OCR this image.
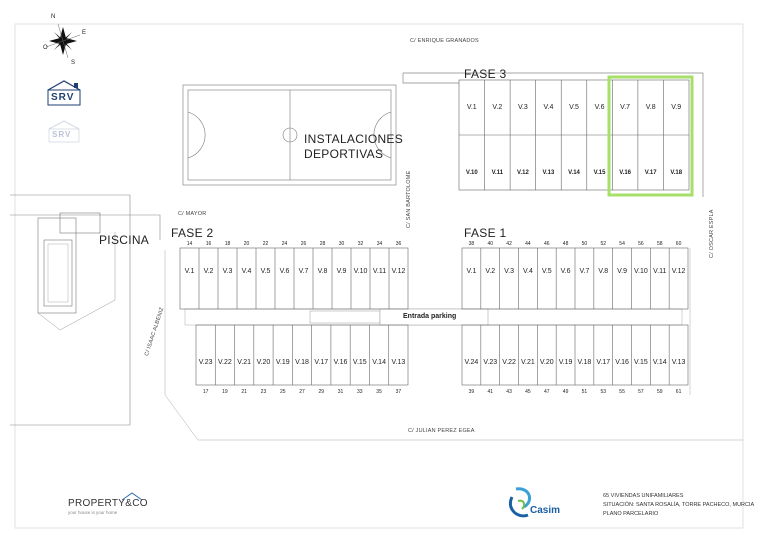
V.1 V.2 V.3 V.4 V.5 V.6 V.7 V.8 V.9
V.10 V.11 V.12 V.13 V.14 V.15 V.16 V.17 V.18
V.1 V.2 V.3 V.4 V.5 V.6 V.7 V.8 V.9 V.10 V.11 V.12
14	16	18	20	22	24	26	28	30	32	34	36
V.23 V.22 V.21 V.20 V.19 V.18 V.17 V.16 V.15 V.14 V.13
17	19	21	23	25	27	29	31	33	35	37
V.1 V.2 V.3 V.4 V.5 V.6 V.7 V.8 V.9 V.10 V.11 V.12
38	40	42	44	46	48	50	52	54	56	58	60
V.24 V.23 V.22 V.21 V.20 V.19 V.18 V.17 V.16 V.15 V.14 V.13
39	41	43	45	47	49	51	53	55	57	59	61
N
E
S
O
SRV
SRV
PROPERTY&CO
your house is your home	Casim
C/ ENRIQUE GRANADOS
C/ MAYOR
C/ JULIAN PEREZ EGEA
C/ SAN BARTOLOME
C/ OSCAR ESPLA
C/ ISAAC ALBENIZ
INSTALACIONES
DEPORTIVAS
PISCINA
Entrada parking
FASE 3
FASE 2	FASE 1
65 VIVIENDAS UNIFAMILIARES
SITUACIÓN: SANTA ROSALÍA, TORRE PACHECO, MURCIA
PLANO PARCELARIO
